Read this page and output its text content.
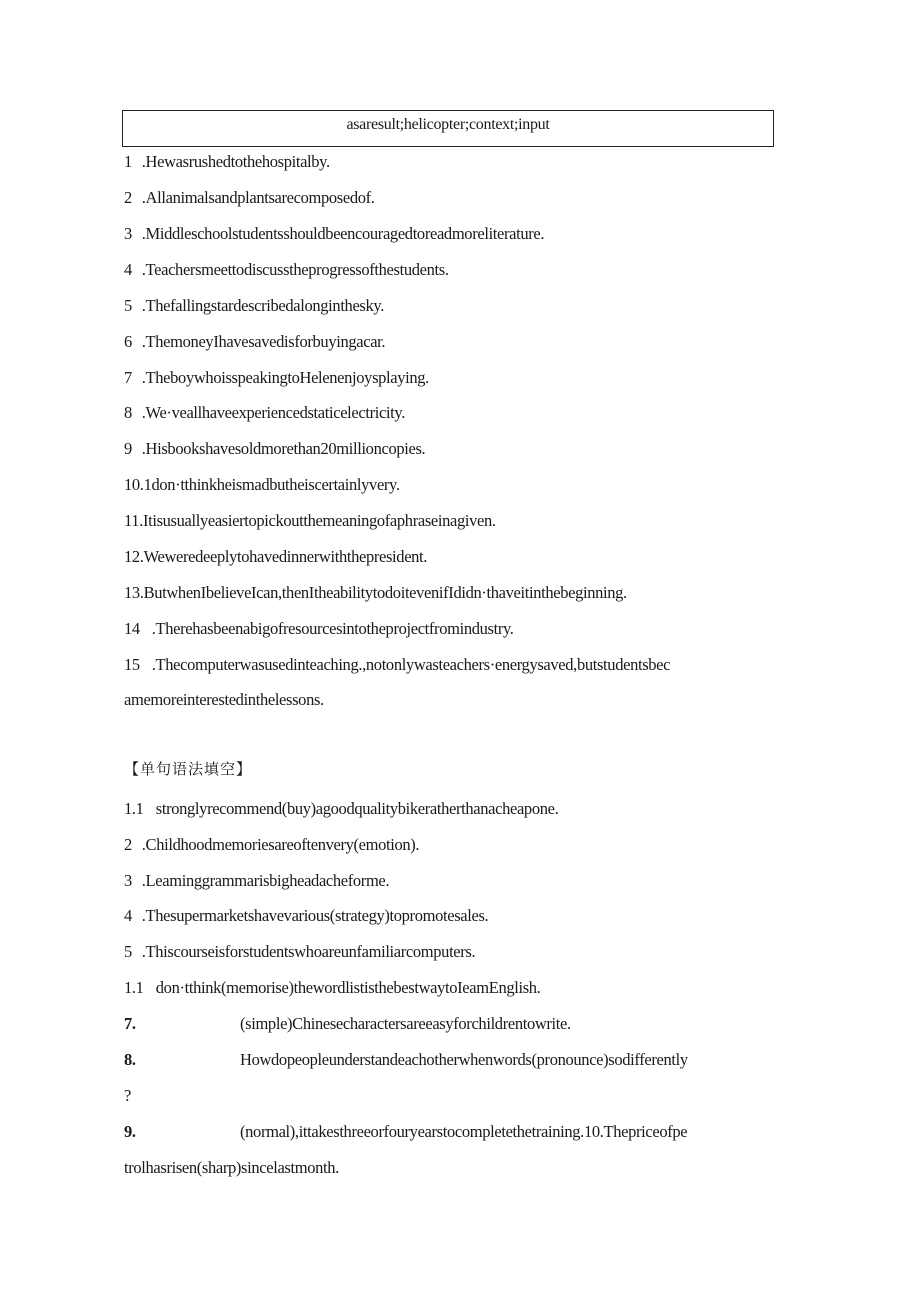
asaresult;helicopter;context;input
1 .Hewasrushedtothehospitalby.
2 .Allanimalsandplantsarecomposedof.
3 .Middleschoolstudentsshouldbeencouragedtoreadmoreliterature.
4 .Teachersmeettodiscusstheprogressofthestudents.
5 .Thefallingstardescribedalonginthesky.
6 .ThemoneyIhavesavedisforbuyingacar.
7 .TheboywhoisspeakingtoHelenenjoysplaying.
8 .We·veallhaveexperiencedstaticelectricity.
9 .Hisbookshavesoldmorethan20millioncopies.
10.1don·tthinkheismadbutheiscertainlyvery.
11.Itisusuallyeasiertopickoutthemeaningofaphraseinagiven.
12.Weweredeeplytohavedinnerwiththepresident.
13.ButwhenIbelieveIcan,thenItheabilitytodoitevenifIdidn·thaveitinthebeginning.
14 .Therehasbeenabigofresourcesintotheprojectfromindustry.
15 .Thecomputerwasusedinteaching.,notonlywasteachers·energysaved,butstudentsbec
amemoreinterestedinthelessons.
【单句语法填空】
1.1 stronglyrecommend(buy)agoodqualitybikeratherthanacheapone.
2 .Childhoodmemoriesareoftenvery(emotion).
3 .Leaminggrammarisbigheadacheforme.
4 .Thesupermarketshavevarious(strategy)topromotesales.
5 .Thiscourseisforstudentswhoareunfamiliarcomputers.
1.1 don·tthink(memorise)thewordlististhebestwaytoIeamEnglish.
7.	(simple)Chinesecharactersareeasyforchildrentowrite.
8.	Howdopeopleunderstandeachotherwhenwords(pronounce)sodifferently
?
9.	(normal),ittakesthreeorfouryearstocompletethetraining.10.Thepriceofpe
trolhasrisen(sharp)sincelastmonth.
